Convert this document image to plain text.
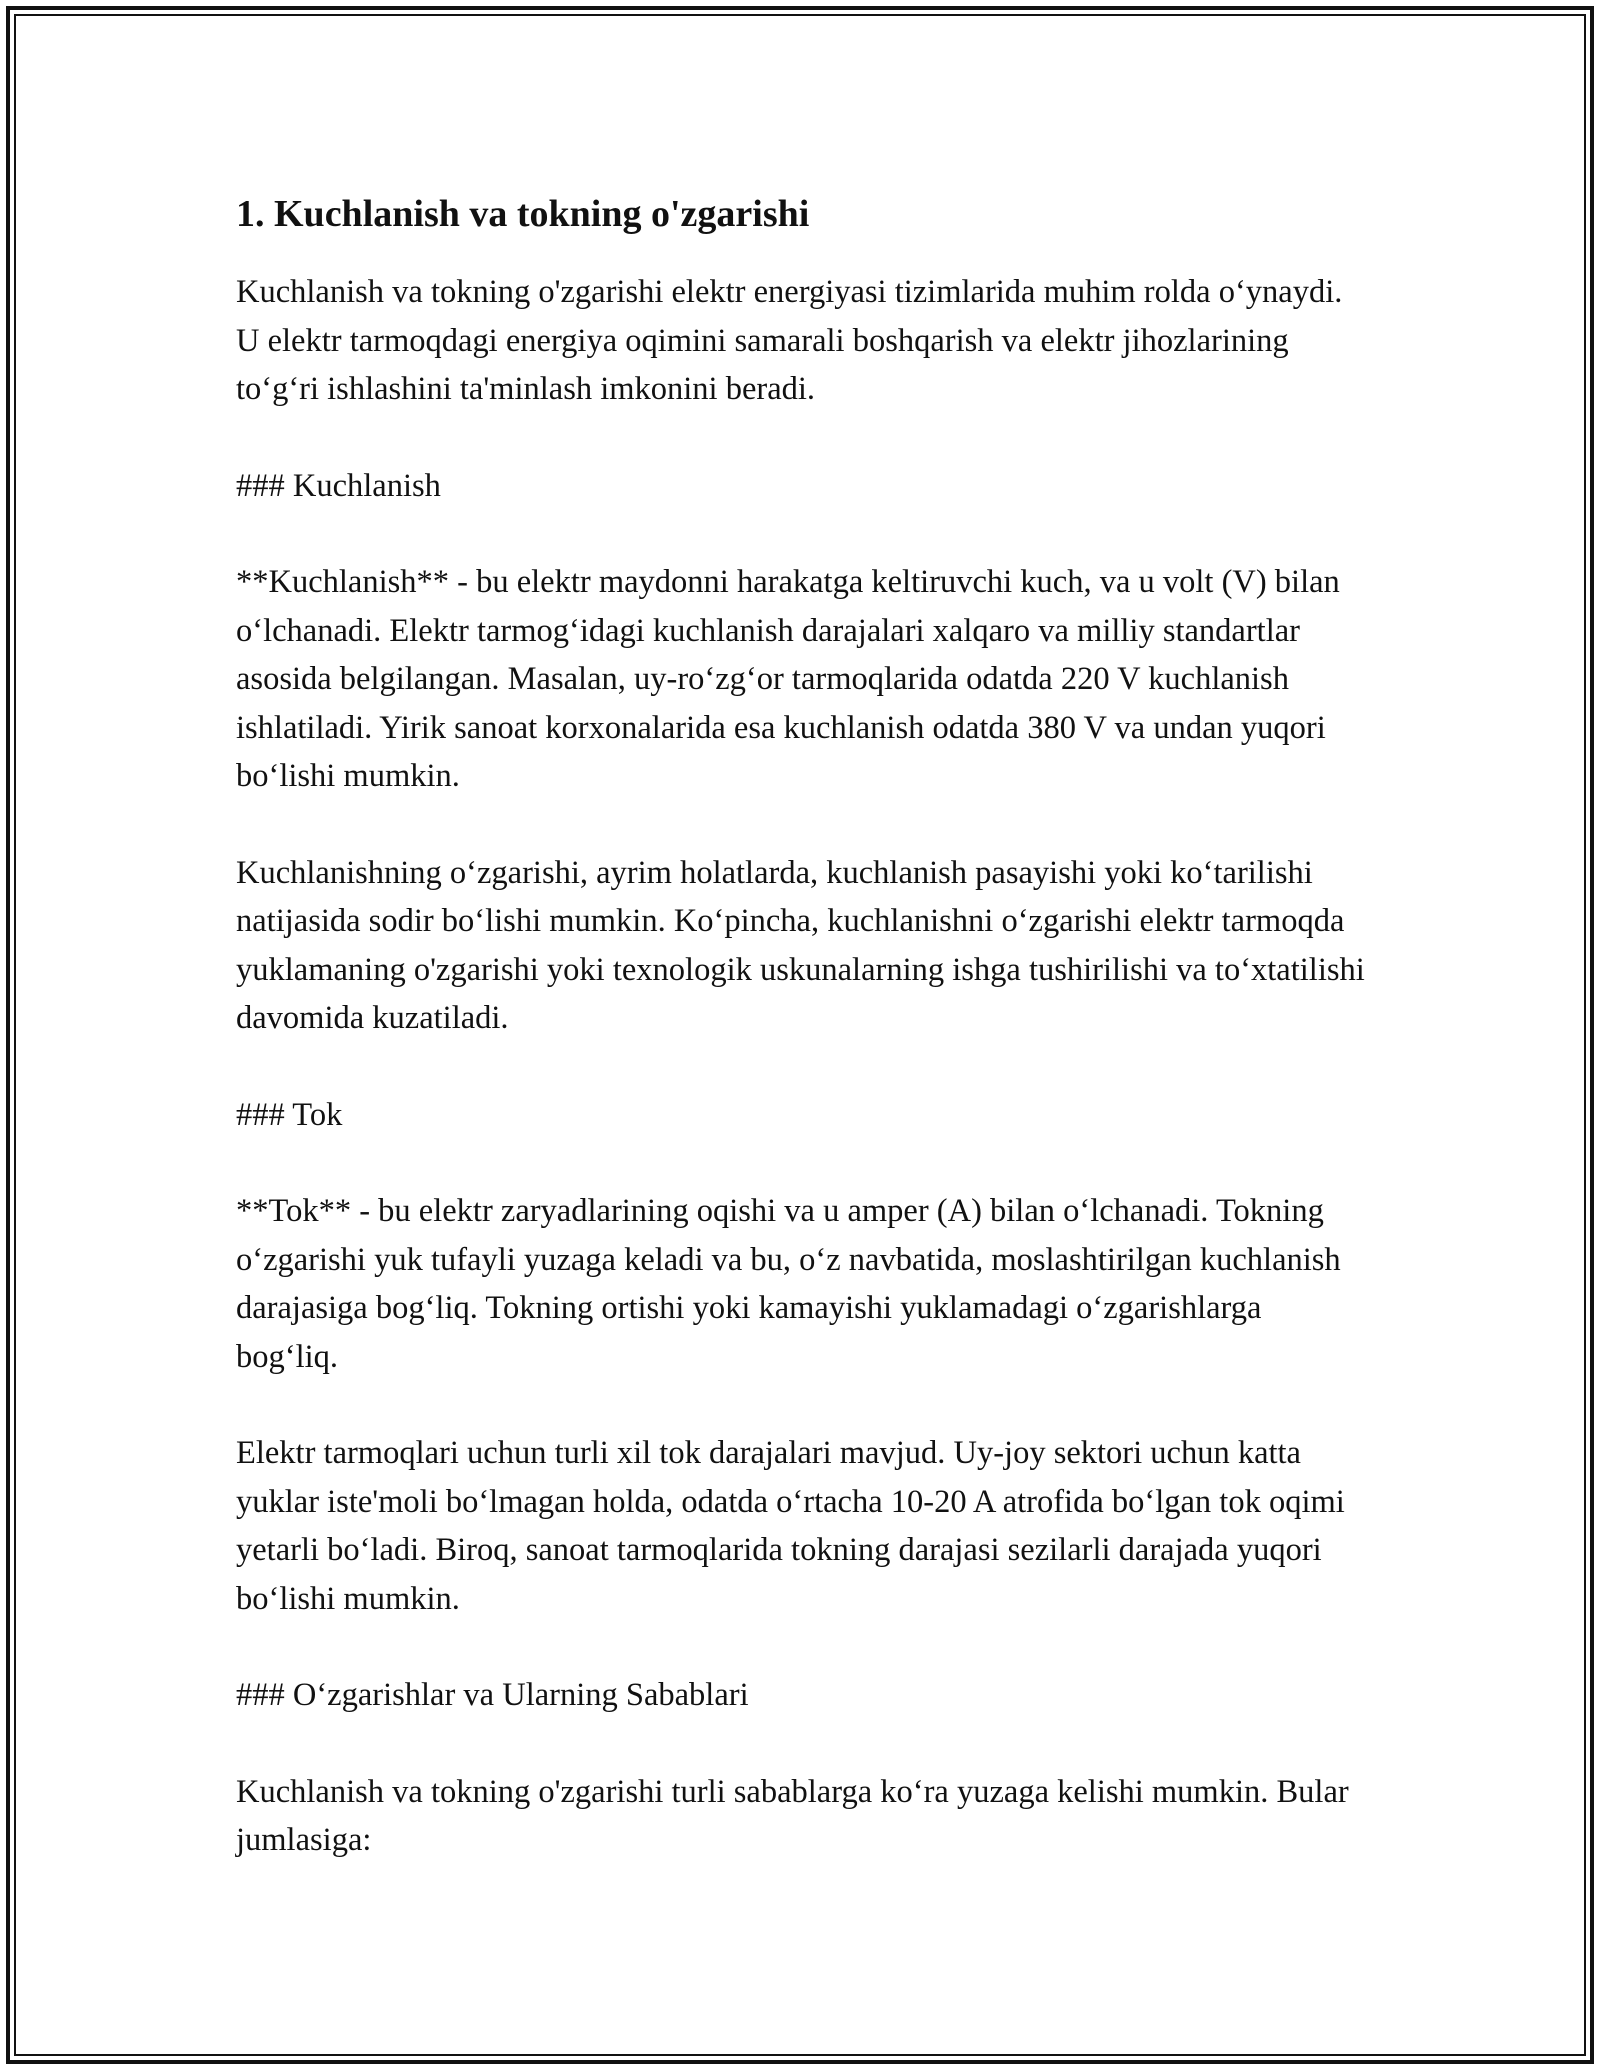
1. Kuchlanish va tokning o'zgarishi

Kuchlanish va tokning o'zgarishi elektr energiyasi tizimlarida muhim rolda o‘ynaydi. U elektr tarmoqdagi energiya oqimini samarali boshqarish va elektr jihozlarining to‘g‘ri ishlashini ta'minlash imkonini beradi.

### Kuchlanish

**Kuchlanish** - bu elektr maydonni harakatga keltiruvchi kuch, va u volt (V) bilan o‘lchanadi. Elektr tarmog‘idagi kuchlanish darajalari xalqaro va milliy standartlar asosida belgilangan. Masalan, uy-ro‘zg‘or tarmoqlarida odatda 220 V kuchlanish ishlatiladi. Yirik sanoat korxonalarida esa kuchlanish odatda 380 V va undan yuqori bo‘lishi mumkin.

Kuchlanishning o‘zgarishi, ayrim holatlarda, kuchlanish pasayishi yoki ko‘tarilishi natijasida sodir bo‘lishi mumkin. Ko‘pincha, kuchlanishni o‘zgarishi elektr tarmoqda yuklamaning o'zgarishi yoki texnologik uskunalarning ishga tushirilishi va to‘xtatilishi davomida kuzatiladi.

### Tok

**Tok** - bu elektr zaryadlarining oqishi va u amper (A) bilan o‘lchanadi. Tokning o‘zgarishi yuk tufayli yuzaga keladi va bu, o‘z navbatida, moslashtirilgan kuchlanish darajasiga bog‘liq. Tokning ortishi yoki kamayishi yuklamadagi o‘zgarishlarga bog‘liq.

Elektr tarmoqlari uchun turli xil tok darajalari mavjud. Uy-joy sektori uchun katta yuklar iste'moli bo‘lmagan holda, odatda o‘rtacha 10-20 A atrofida bo‘lgan tok oqimi yetarli bo‘ladi. Biroq, sanoat tarmoqlarida tokning darajasi sezilarli darajada yuqori bo‘lishi mumkin.

### O‘zgarishlar va Ularning Sabablari

Kuchlanish va tokning o'zgarishi turli sabablarga ko‘ra yuzaga kelishi mumkin. Bular jumlasiga:
